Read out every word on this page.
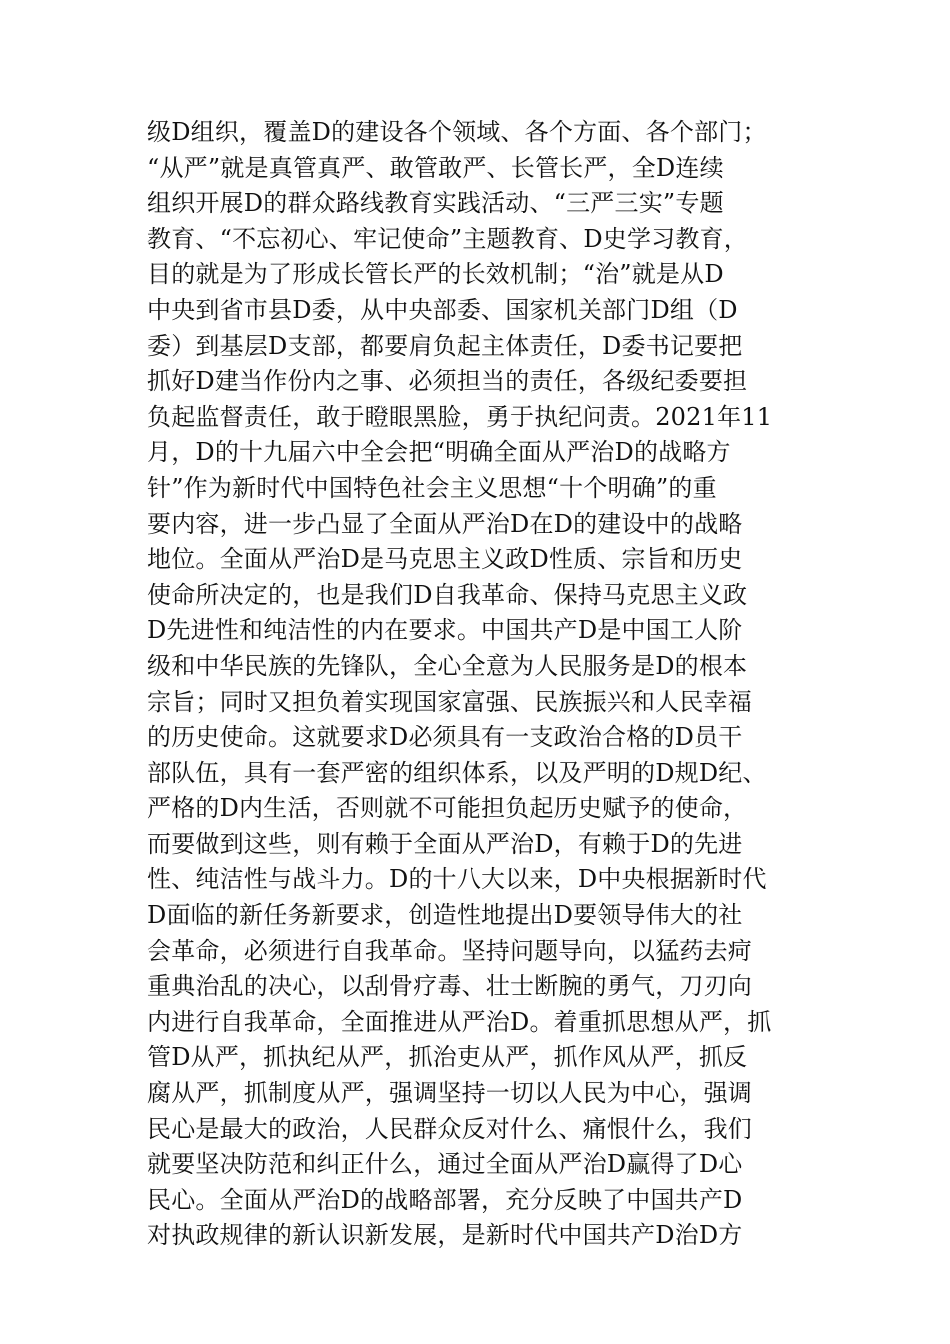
级D组织，覆盖D的建设各个领域、各个方面、各个部门；
“从严”就是真管真严、敢管敢严、长管长严，全D连续
组织开展D的群众路线教育实践活动、“三严三实”专题
教育、“不忘初心、牢记使命”主题教育、D史学习教育，
目的就是为了形成长管长严的长效机制；“治”就是从D
中央到省市县D委，从中央部委、国家机关部门D组（D
委）到基层D支部，都要肩负起主体责任，D委书记要把
抓好D建当作份内之事、必须担当的责任，各级纪委要担
负起监督责任，敢于瞪眼黑脸，勇于执纪问责。2021年11
月，D的十九届六中全会把“明确全面从严治D的战略方
针”作为新时代中国特色社会主义思想“十个明确”的重
要内容，进一步凸显了全面从严治D在D的建设中的战略
地位。全面从严治D是马克思主义政D性质、宗旨和历史
使命所决定的，也是我们D自我革命、保持马克思主义政
D先进性和纯洁性的内在要求。中国共产D是中国工人阶
级和中华民族的先锋队，全心全意为人民服务是D的根本
宗旨；同时又担负着实现国家富强、民族振兴和人民幸福
的历史使命。这就要求D必须具有一支政治合格的D员干
部队伍，具有一套严密的组织体系，以及严明的D规D纪、
严格的D内生活，否则就不可能担负起历史赋予的使命，
而要做到这些，则有赖于全面从严治D，有赖于D的先进
性、纯洁性与战斗力。D的十八大以来，D中央根据新时代
D面临的新任务新要求，创造性地提出D要领导伟大的社
会革命，必须进行自我革命。坚持问题导向，以猛药去疴
重典治乱的决心，以刮骨疗毒、壮士断腕的勇气，刀刃向
内进行自我革命，全面推进从严治D。着重抓思想从严，抓
管D从严，抓执纪从严，抓治吏从严，抓作风从严，抓反
腐从严，抓制度从严，强调坚持一切以人民为中心，强调
民心是最大的政治，人民群众反对什么、痛恨什么，我们
就要坚决防范和纠正什么，通过全面从严治D赢得了D心
民心。全面从严治D的战略部署，充分反映了中国共产D
对执政规律的新认识新发展，是新时代中国共产D治D方
